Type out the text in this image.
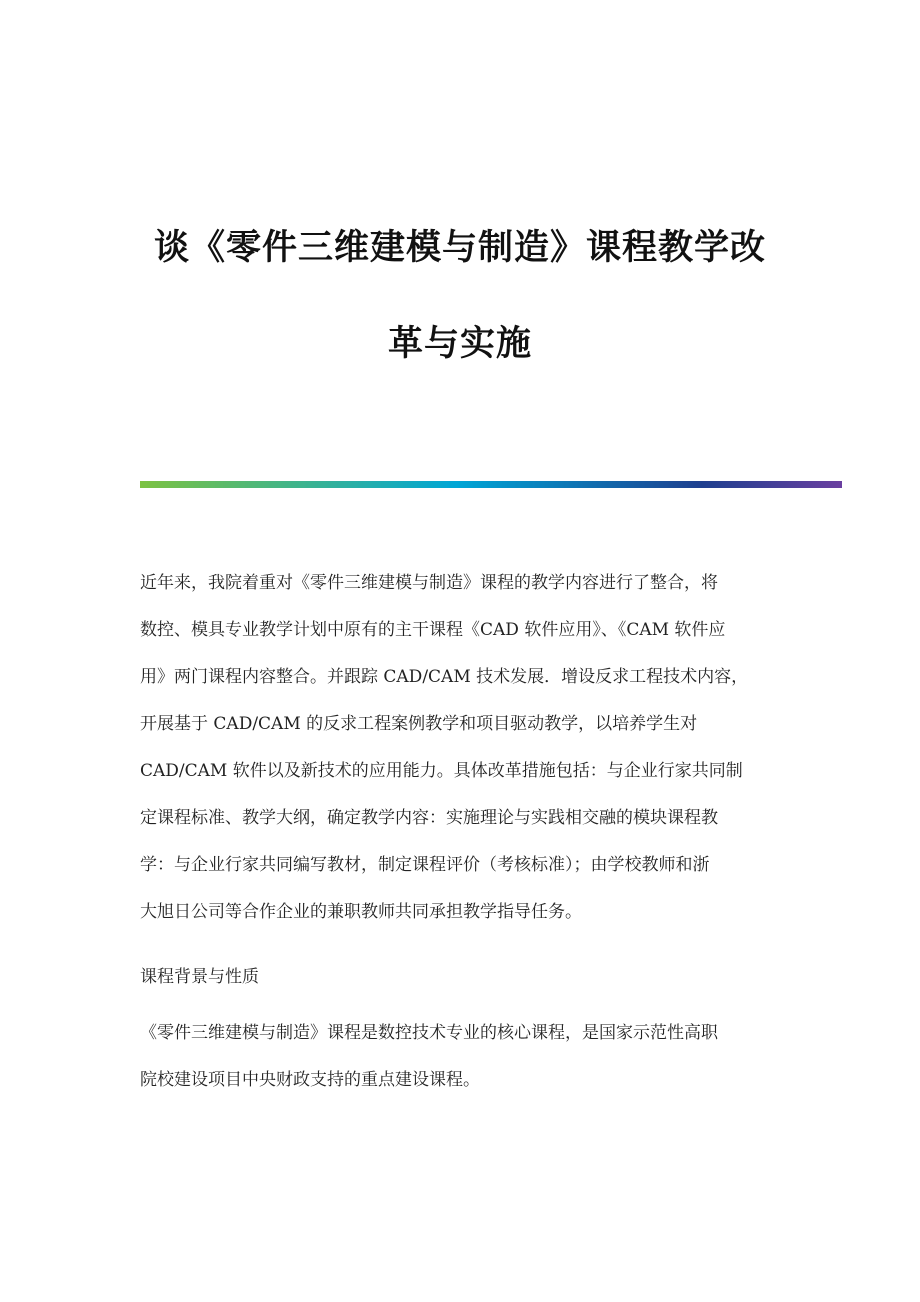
谈《零件三维建模与制造》课程教学改
革与实施
近年来，我院着重对《零件三维建模与制造》课程的教学内容进行了整合，将
数控、模具专业教学计划中原有的主干课程《CAD 软件应用》、《CAM 软件应
用》两门课程内容整合。并跟踪 CAD/CAM 技术发展．增设反求工程技术内容，
开展基于 CAD/CAM 的反求工程案例教学和项目驱动教学，以培养学生对
CAD/CAM 软件以及新技术的应用能力。具体改革措施包括：与企业行家共同制
定课程标准、教学大纲，确定教学内容：实施理论与实践相交融的模块课程教
学：与企业行家共同编写教材，制定课程评价（考核标准）；由学校教师和浙
大旭日公司等合作企业的兼职教师共同承担教学指导任务。
课程背景与性质
《零件三维建模与制造》课程是数控技术专业的核心课程，是国家示范性高职
院校建设项目中央财政支持的重点建设课程。
